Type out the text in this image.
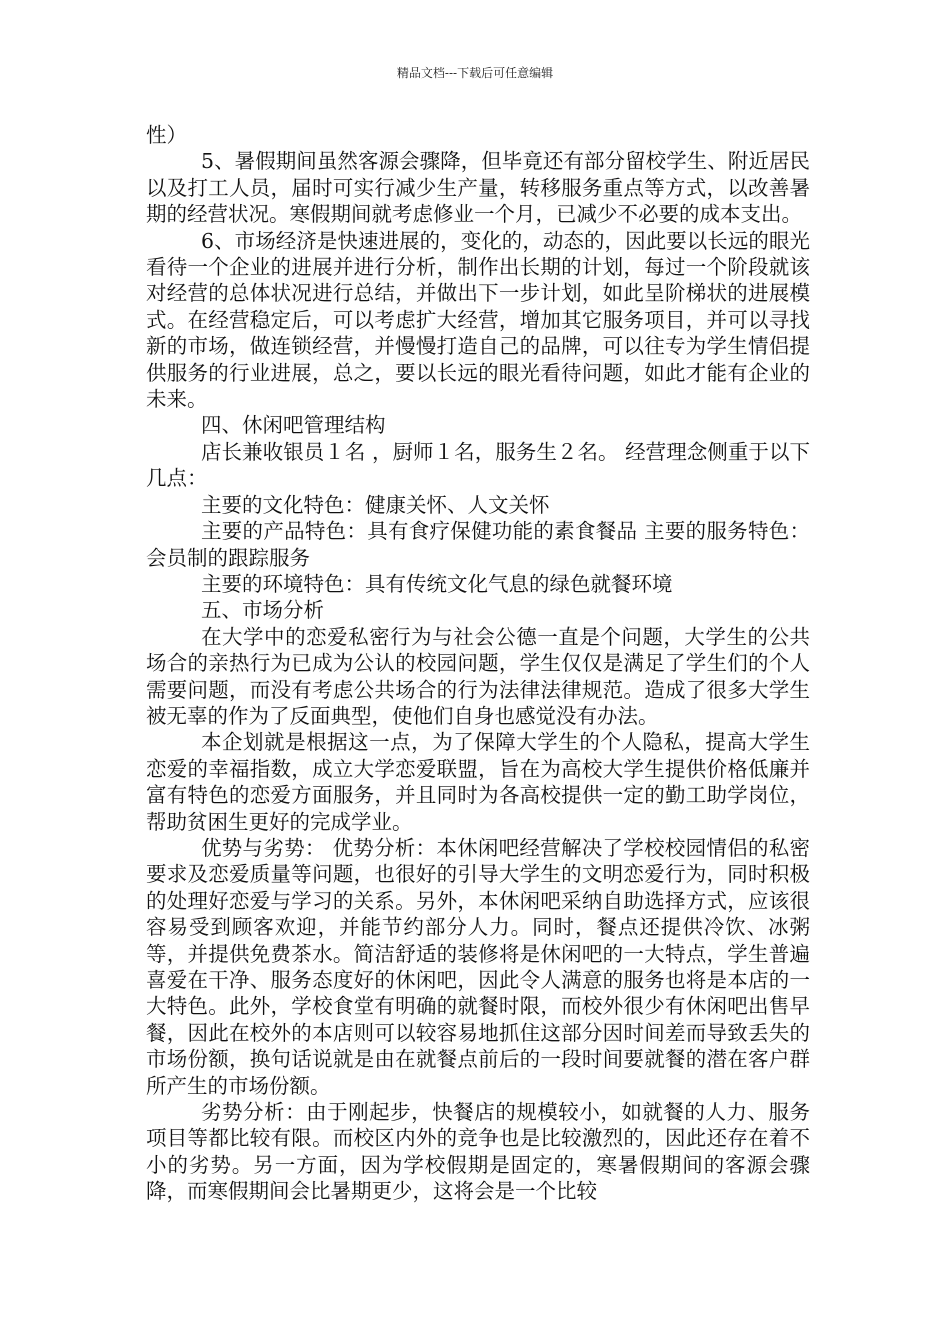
精品文档---下载后可任意编辑

性）

5、暑假期间虽然客源会骤降，但毕竟还有部分留校学生、附近居民以及打工人员，届时可实行减少生产量，转移服务重点等方式，以改善暑期的经营状况。寒假期间就考虑修业一个月，已减少不必要的成本支出。

6、市场经济是快速进展的，变化的，动态的，因此要以长远的眼光看待一个企业的进展并进行分析，制作出长期的计划，每过一个阶段就该对经营的总体状况进行总结，并做出下一步计划，如此呈阶梯状的进展模式。在经营稳定后，可以考虑扩大经营，增加其它服务项目，并可以寻找新的市场，做连锁经营，并慢慢打造自己的品牌，可以往专为学生情侣提供服务的行业进展，总之，要以长远的眼光看待问题，如此才能有企业的未来。

四、休闲吧管理结构

店长兼收银员１名 ，厨师１名，服务生２名。 经营理念侧重于以下几点：

主要的文化特色：健康关怀、人文关怀

主要的产品特色：具有食疗保健功能的素食餐品 主要的服务特色：会员制的跟踪服务

主要的环境特色：具有传统文化气息的绿色就餐环境

五、市场分析

在大学中的恋爱私密行为与社会公德一直是个问题，大学生的公共场合的亲热行为已成为公认的校园问题，学生仅仅是满足了学生们的个人需要问题，而没有考虑公共场合的行为法律法律规范。造成了很多大学生被无辜的作为了反面典型，使他们自身也感觉没有办法。

本企划就是根据这一点，为了保障大学生的个人隐私，提高大学生恋爱的幸福指数，成立大学恋爱联盟，旨在为高校大学生提供价格低廉并富有特色的恋爱方面服务，并且同时为各高校提供一定的勤工助学岗位，帮助贫困生更好的完成学业。

优势与劣势： 优势分析：本休闲吧经营解决了学校校园情侣的私密要求及恋爱质量等问题，也很好的引导大学生的文明恋爱行为，同时积极的处理好恋爱与学习的关系。另外，本休闲吧采纳自助选择方式，应该很容易受到顾客欢迎，并能节约部分人力。同时，餐点还提供冷饮、冰粥等，并提供免费茶水。简洁舒适的装修将是休闲吧的一大特点，学生普遍喜爱在干净、服务态度好的休闲吧，因此令人满意的服务也将是本店的一大特色。此外，学校食堂有明确的就餐时限，而校外很少有休闲吧出售早餐，因此在校外的本店则可以较容易地抓住这部分因时间差而导致丢失的市场份额，换句话说就是由在就餐点前后的一段时间要就餐的潜在客户群所产生的市场份额。

劣势分析：由于刚起步，快餐店的规模较小，如就餐的人力、服务项目等都比较有限。而校区内外的竞争也是比较激烈的，因此还存在着不小的劣势。另一方面，因为学校假期是固定的，寒暑假期间的客源会骤降，而寒假期间会比暑期更少，这将会是一个比较
